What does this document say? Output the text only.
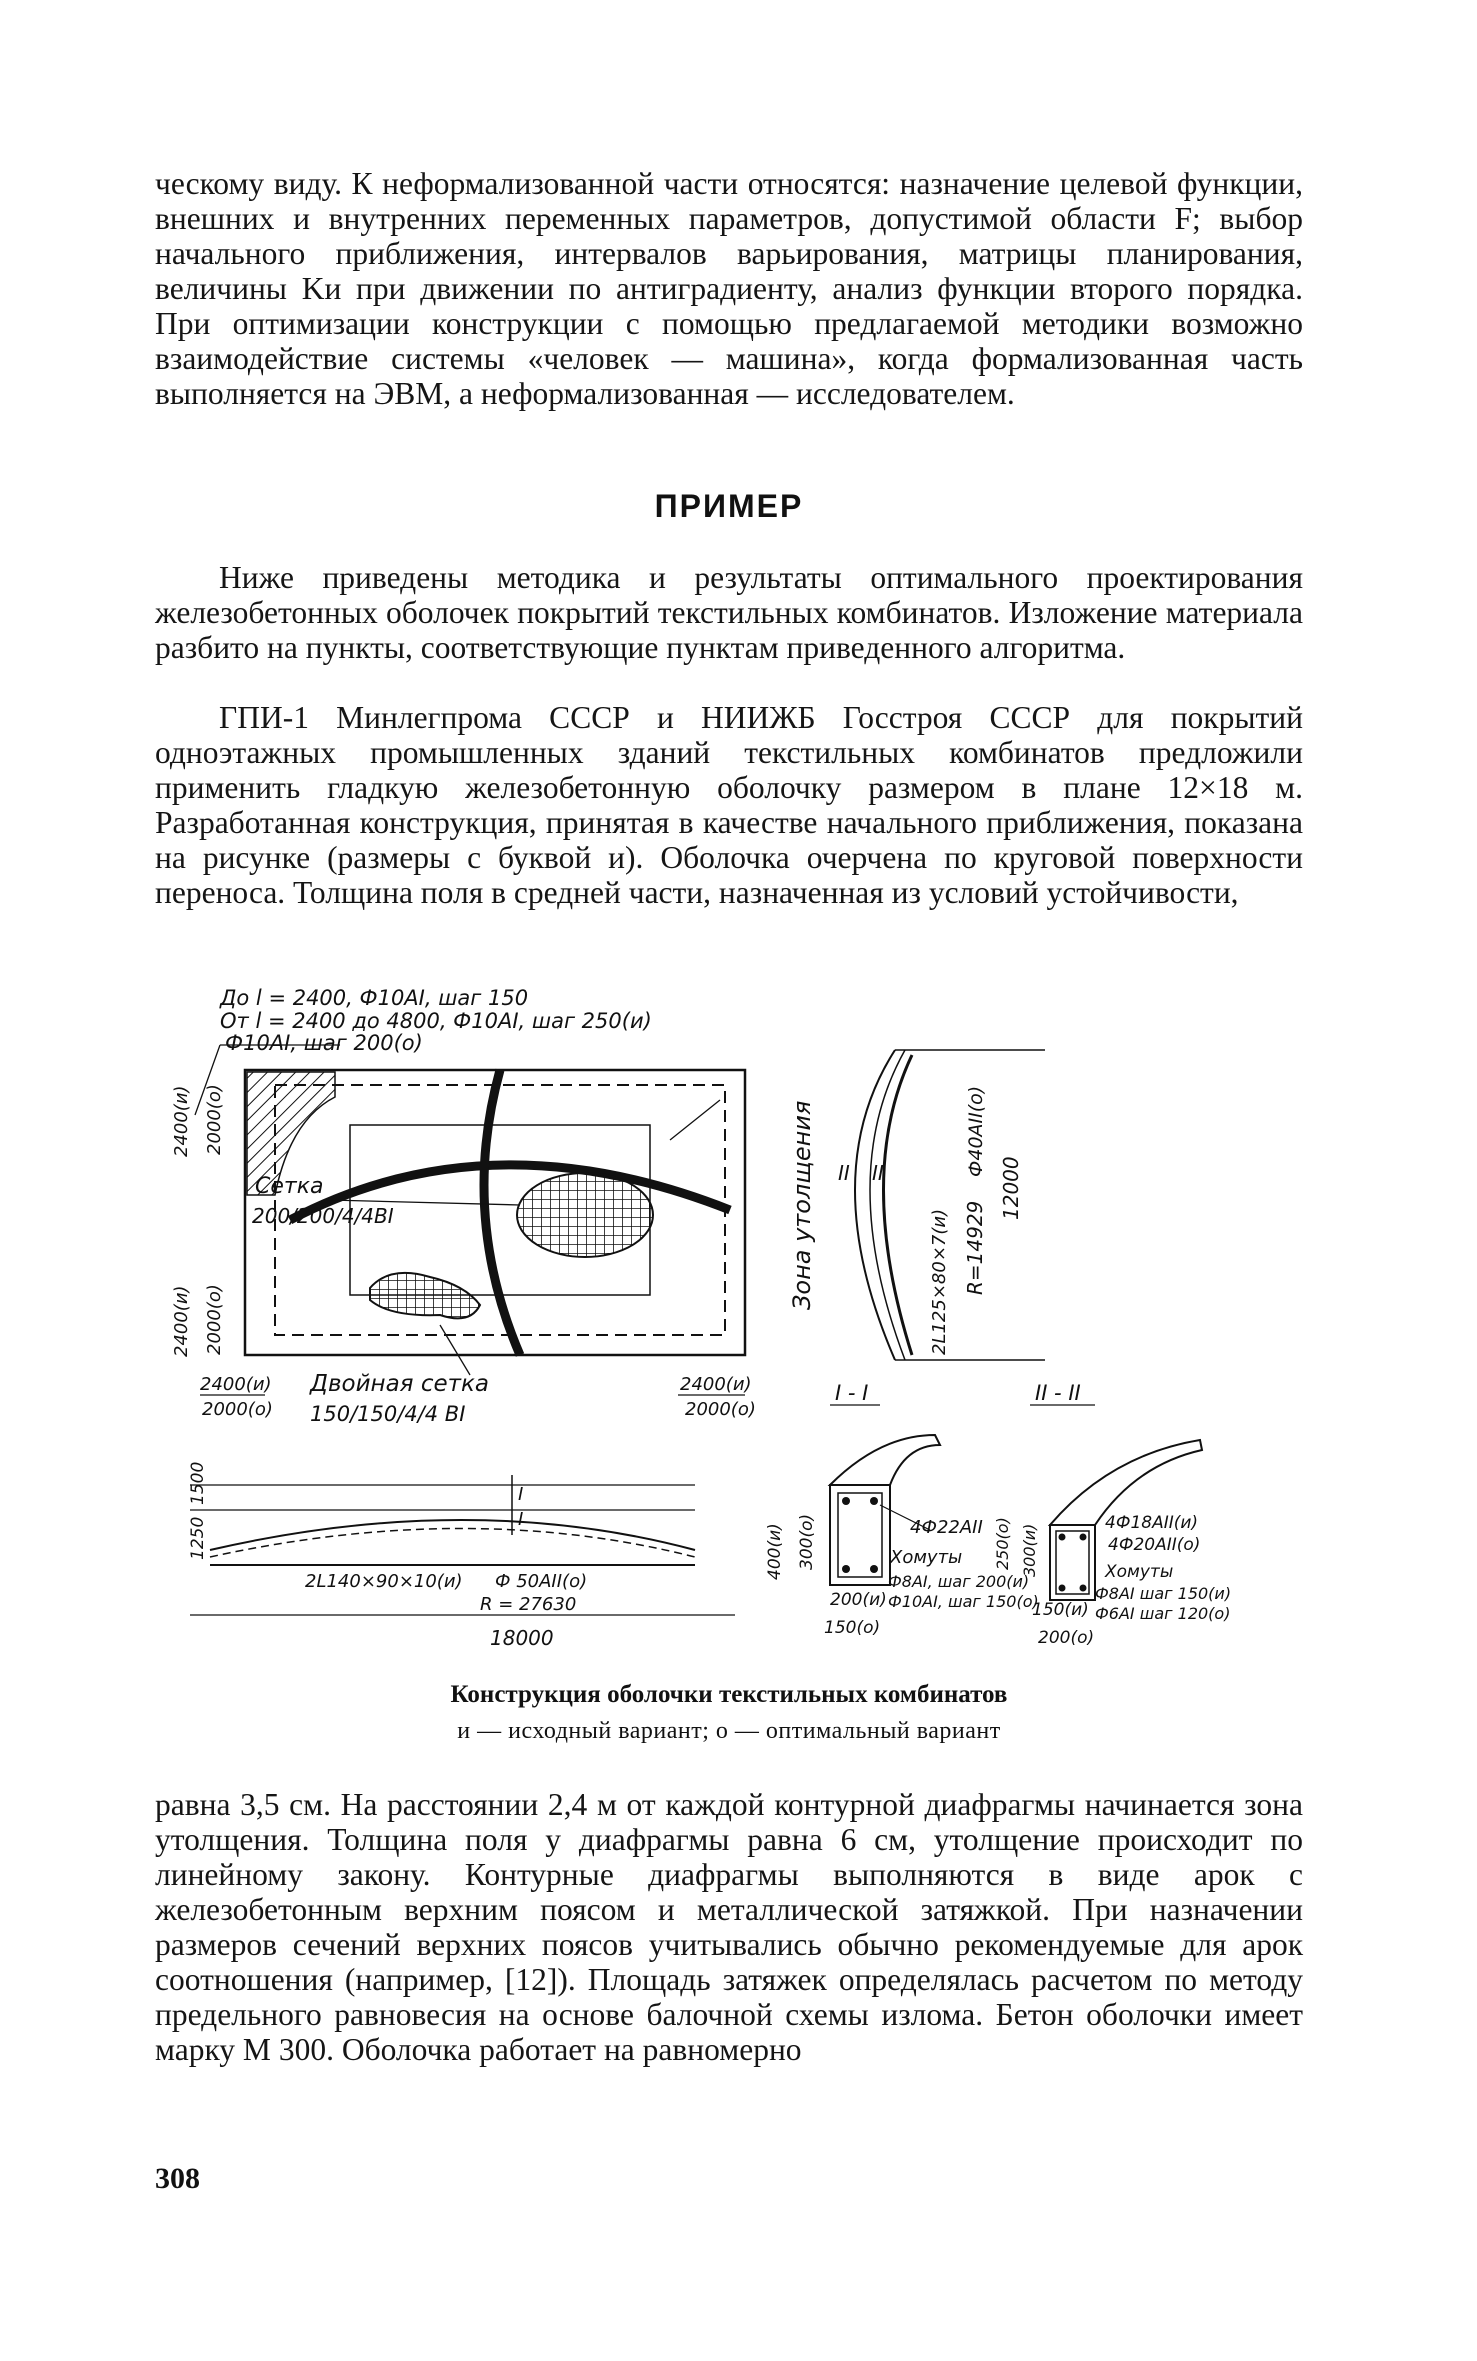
ческому виду. К неформализованной части относятся: назначение целевой функции, внешних и внутренних переменных параметров, допустимой области F; выбор начального приближения, интервалов варьирования, матрицы планирования, величины Kи при движении по антиградиенту, анализ функции второго порядка. При оптимизации конструкции с помощью предлагаемой методики возможно взаимодействие системы «человек — машина», когда формализованная часть выполняется на ЭВМ, а неформализованная — исследователем.
ПРИМЕР
Ниже приведены методика и результаты оптимального проектирования железобетонных оболочек покрытий текстильных комбинатов. Изложение материала разбито на пункты, соответствующие пунктам приведенного алгоритма.
ГПИ-1 Минлегпрома СССР и НИИЖБ Госстроя СССР для покрытий одноэтажных промышленных зданий текстильных комбинатов предложили применить гладкую железобетонную оболочку размером в плане 12×18 м. Разработанная конструкция, принятая в качестве начального приближения, показана на рисунке (размеры с буквой и). Оболочка очерчена по круговой поверхности переноса. Толщина поля в средней части, назначенная из условий устойчивости,
До l = 2400, Ф10AI, шаг 150
От l = 2400 до 4800, Ф10AI, шаг 250(и)
Ф10AI, шаг 200(о)
Сетка
200/200/4/4BI
Двойная сетка
150/150/4/4 BI
Зона утолщения
2400(и) 2000(о)
2400(и) 2000(о)
2400(и)
2000(о)
2400(и)
2000(о)
II II	Ф40AII(о)
2L125×80×7(и) R=14929
12000
1500
1250
I
I
2L140×90×10(и) Ф 50AII(о)
R = 27630
18000
I - I
400(и) 300(о)	4Ф22AII
Хомуты
Ф8AI, шаг 200(и)
Ф10AI, шаг 150(о)
200(и)
150(о)
II - II
250(о) 300(и)
4Ф18AII(и)
4Ф20AII(о)
Хомуты
Ф8AI шаг 150(и)
Ф6AI шаг 120(о)
150(и)
200(о)
Конструкция оболочки текстильных комбинатов
и — исходный вариант; о — оптимальный вариант
равна 3,5 см. На расстоянии 2,4 м от каждой контурной диафрагмы начинается зона утолщения. Толщина поля у диафрагмы равна 6 см, утолщение происходит по линейному закону. Контурные диафрагмы выполняются в виде арок с железобетонным верхним поясом и металлической затяжкой. При назначении размеров сечений верхних поясов учитывались обычно рекомендуемые для арок соотношения (например, [12]). Площадь затяжек определялась расчетом по методу предельного равновесия на основе балочной схемы излома. Бетон оболочки имеет марку М 300. Оболочка работает на равномерно
308
